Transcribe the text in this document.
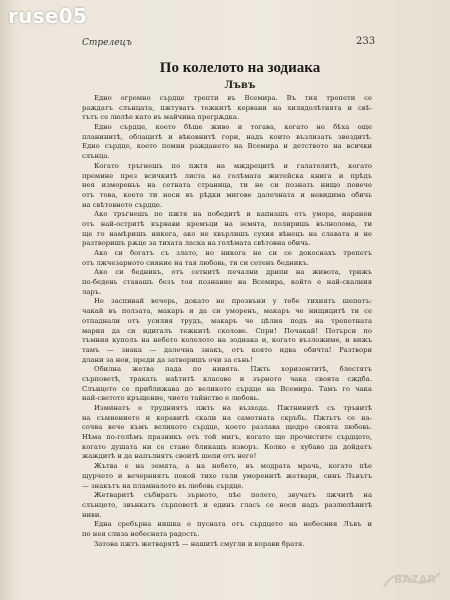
ruse05
Стрелецъ	233
По колелото на зодиака
Лъвъ
Едно огромно сърдце трепти въ Всемира. Въ тия трепети се
раждатъ слънцата, пжтуватъ тежкитѣ кервани на хилядолѣтията и свѣ-
тътъ се люлѣе като въ майчина прегрѫдка.
Едно сърдце, което бѣше живо и тогава, когато не бѣха още
планинитѣ, облацитѣ и вѣковнитѣ гори, надъ които възлизать звездитѣ.
Едно сърдце, което помни раждането на Всемира и детството на всички
слънца.
Когато тръгнешъ по пжтя на мждрецитѣ и галателитѣ, когато
премине през всичкитѣ листа на голѣмата житейска книга и прѣдъ
нея измореньъ на сетната страница, ти не си познать нищо повече
отъ това, което ти носи въ рѣдки мигове далечната и невидима обичь
на свѣтовното сърдце.
Ако тръгнешъ по пжтя на победитѣ и капнашъ отъ умора, наранен
отъ най-остритѣ кървави кремъци на земята, полиришь вълнолома, ти
ще го намѣришъ никога, ако не хвърлишъ сухия вѣнецъ на славата и не
разтворишъ рѫце за тихата ласка на голѣмата свѣтовна обичь.
Ако си богатъ съ злато, но никога не си се докоснахъ трепетъ
отъ лжчезарното сияние на тая любовь, ти си сетенъ бедникъ.
Ако си бедникъ, отъ сетнитѣ печални дрипи на живота, трижъ
по-бедень ставашъ безъ тоя познание на Всемира, който е най-скалния
ларъ.
Не заспивай вечерь, докато не прозвъни у тебе тихиятъ шепотъ:
чакай въ ползата, макаръ и да си уморенъ, макаръ че нищицитѣ ти се
отпаднали отъ усилия трудъ, макаръ че цѣлия подъ на трепетната
мария да си идигалъ тежкитѣ сколове. Спри! Почакай! Потърси по
тъмния куполъ на небето колелото на зодиака и, когато възложиме, и вижъ
тамъ — знака — далечна знакъ, отъ която идва обичта! Разтвори
длани за неи, преди да затворишъ очи за сънь!
Обилна жетва пада по нивята. Пжть хоризонтитѣ, блестятъ
сърповетѣ, тракать наѣтитѣ класове и зърното чака своята сждба.
Слънцето се приближава до великото сърдце на Всемира. Тамъ го чака
най-светото кръщение, чието тайнство е любовь.
Изминатъ е трудниятъ пжть на възхода. Пжтнинитѣ съ тръвитѣ
на съмнението и коравитѣ скали на самотната скръбь. Пжтьтъ се на-
сочва вече къмъ великото сърдце, което разлава щедро своята любовь.
Нѣма по-голѣмъ празникъ отъ той мигъ, когато ще прочистите сърдцето,
когато душата ни се стане бликащъ изворъ. Колко е хубаво да дойдатъ
жаждитѣ и да напълнятъ своитѣ шепи отъ него!
Жътва е на земята, а на небето, въ модрата мрачь, когато пѣе
щурчето и вечерниятъ покой тихо гали уморенитѣ жетвари, синъ Лъвътъ
— знакътъ на пламналото въ любовь сърдце.
Жетваритѣ събиратъ зърното, пѣе полето, звучатъ лжчитѣ на
слънцето, звънкатъ сърповетѣ и единъ гласъ се носи надъ разлюлѣнитѣ
ниви.
Една сребърна нишка е пусната отъ сърдцето на небесния Лъвъ и
по нея слиза небесната радость.
Затова пжтъ жетварятѣ — нашитѣ смугли и корави братя.
BAZAR
